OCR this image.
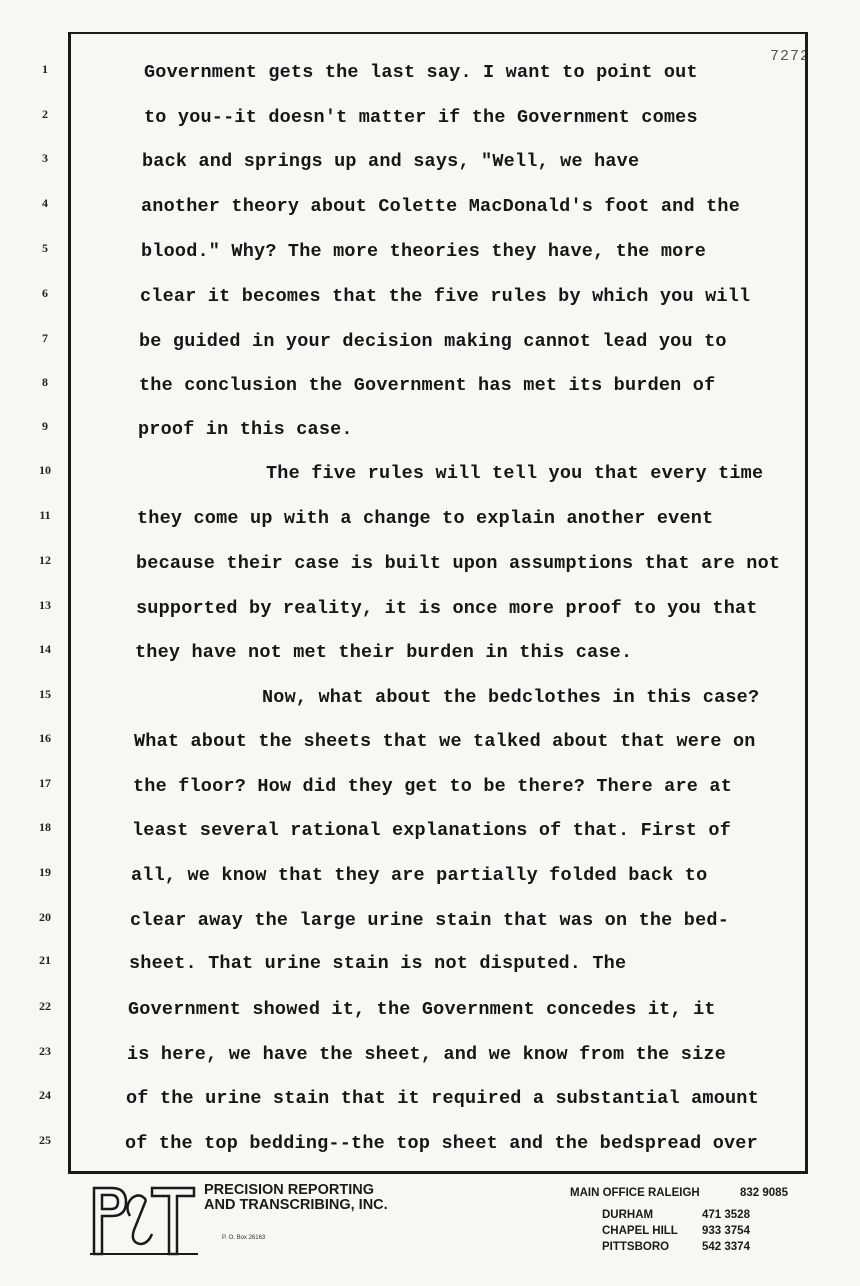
7272
1
2
3
4
5
6
7
8
9
10
11
12
13
14
15
16
17
18
19
20
21
22
23
24
25
Government gets the last say. I want to point out
to you--it doesn't matter if the Government comes
back and springs up and says, "Well, we have
another theory about Colette MacDonald's foot and the
blood." Why? The more theories they have, the more
clear it becomes that the five rules by which you will
be guided in your decision making cannot lead you to
the conclusion the Government has met its burden of
proof in this case.
The five rules will tell you that every time
they come up with a change to explain another event
because their case is built upon assumptions that are not
supported by reality, it is once more proof to you that
they have not met their burden in this case.
Now, what about the bedclothes in this case?
What about the sheets that we talked about that were on
the floor? How did they get to be there? There are at
least several rational explanations of that. First of
all, we know that they are partially folded back to
clear away the large urine stain that was on the bed-
sheet. That urine stain is not disputed. The
Government showed it, the Government concedes it, it
is here, we have the sheet, and we know from the size
of the urine stain that it required a substantial amount
of the top bedding--the top sheet and the bedspread over
PRECISION REPORTING
AND TRANSCRIBING, INC.
P. O. Box 26163
MAIN OFFICE RALEIGH	832 9085
DURHAM	471 3528
CHAPEL HILL 933 3754
PITTSBORO	542 3374
